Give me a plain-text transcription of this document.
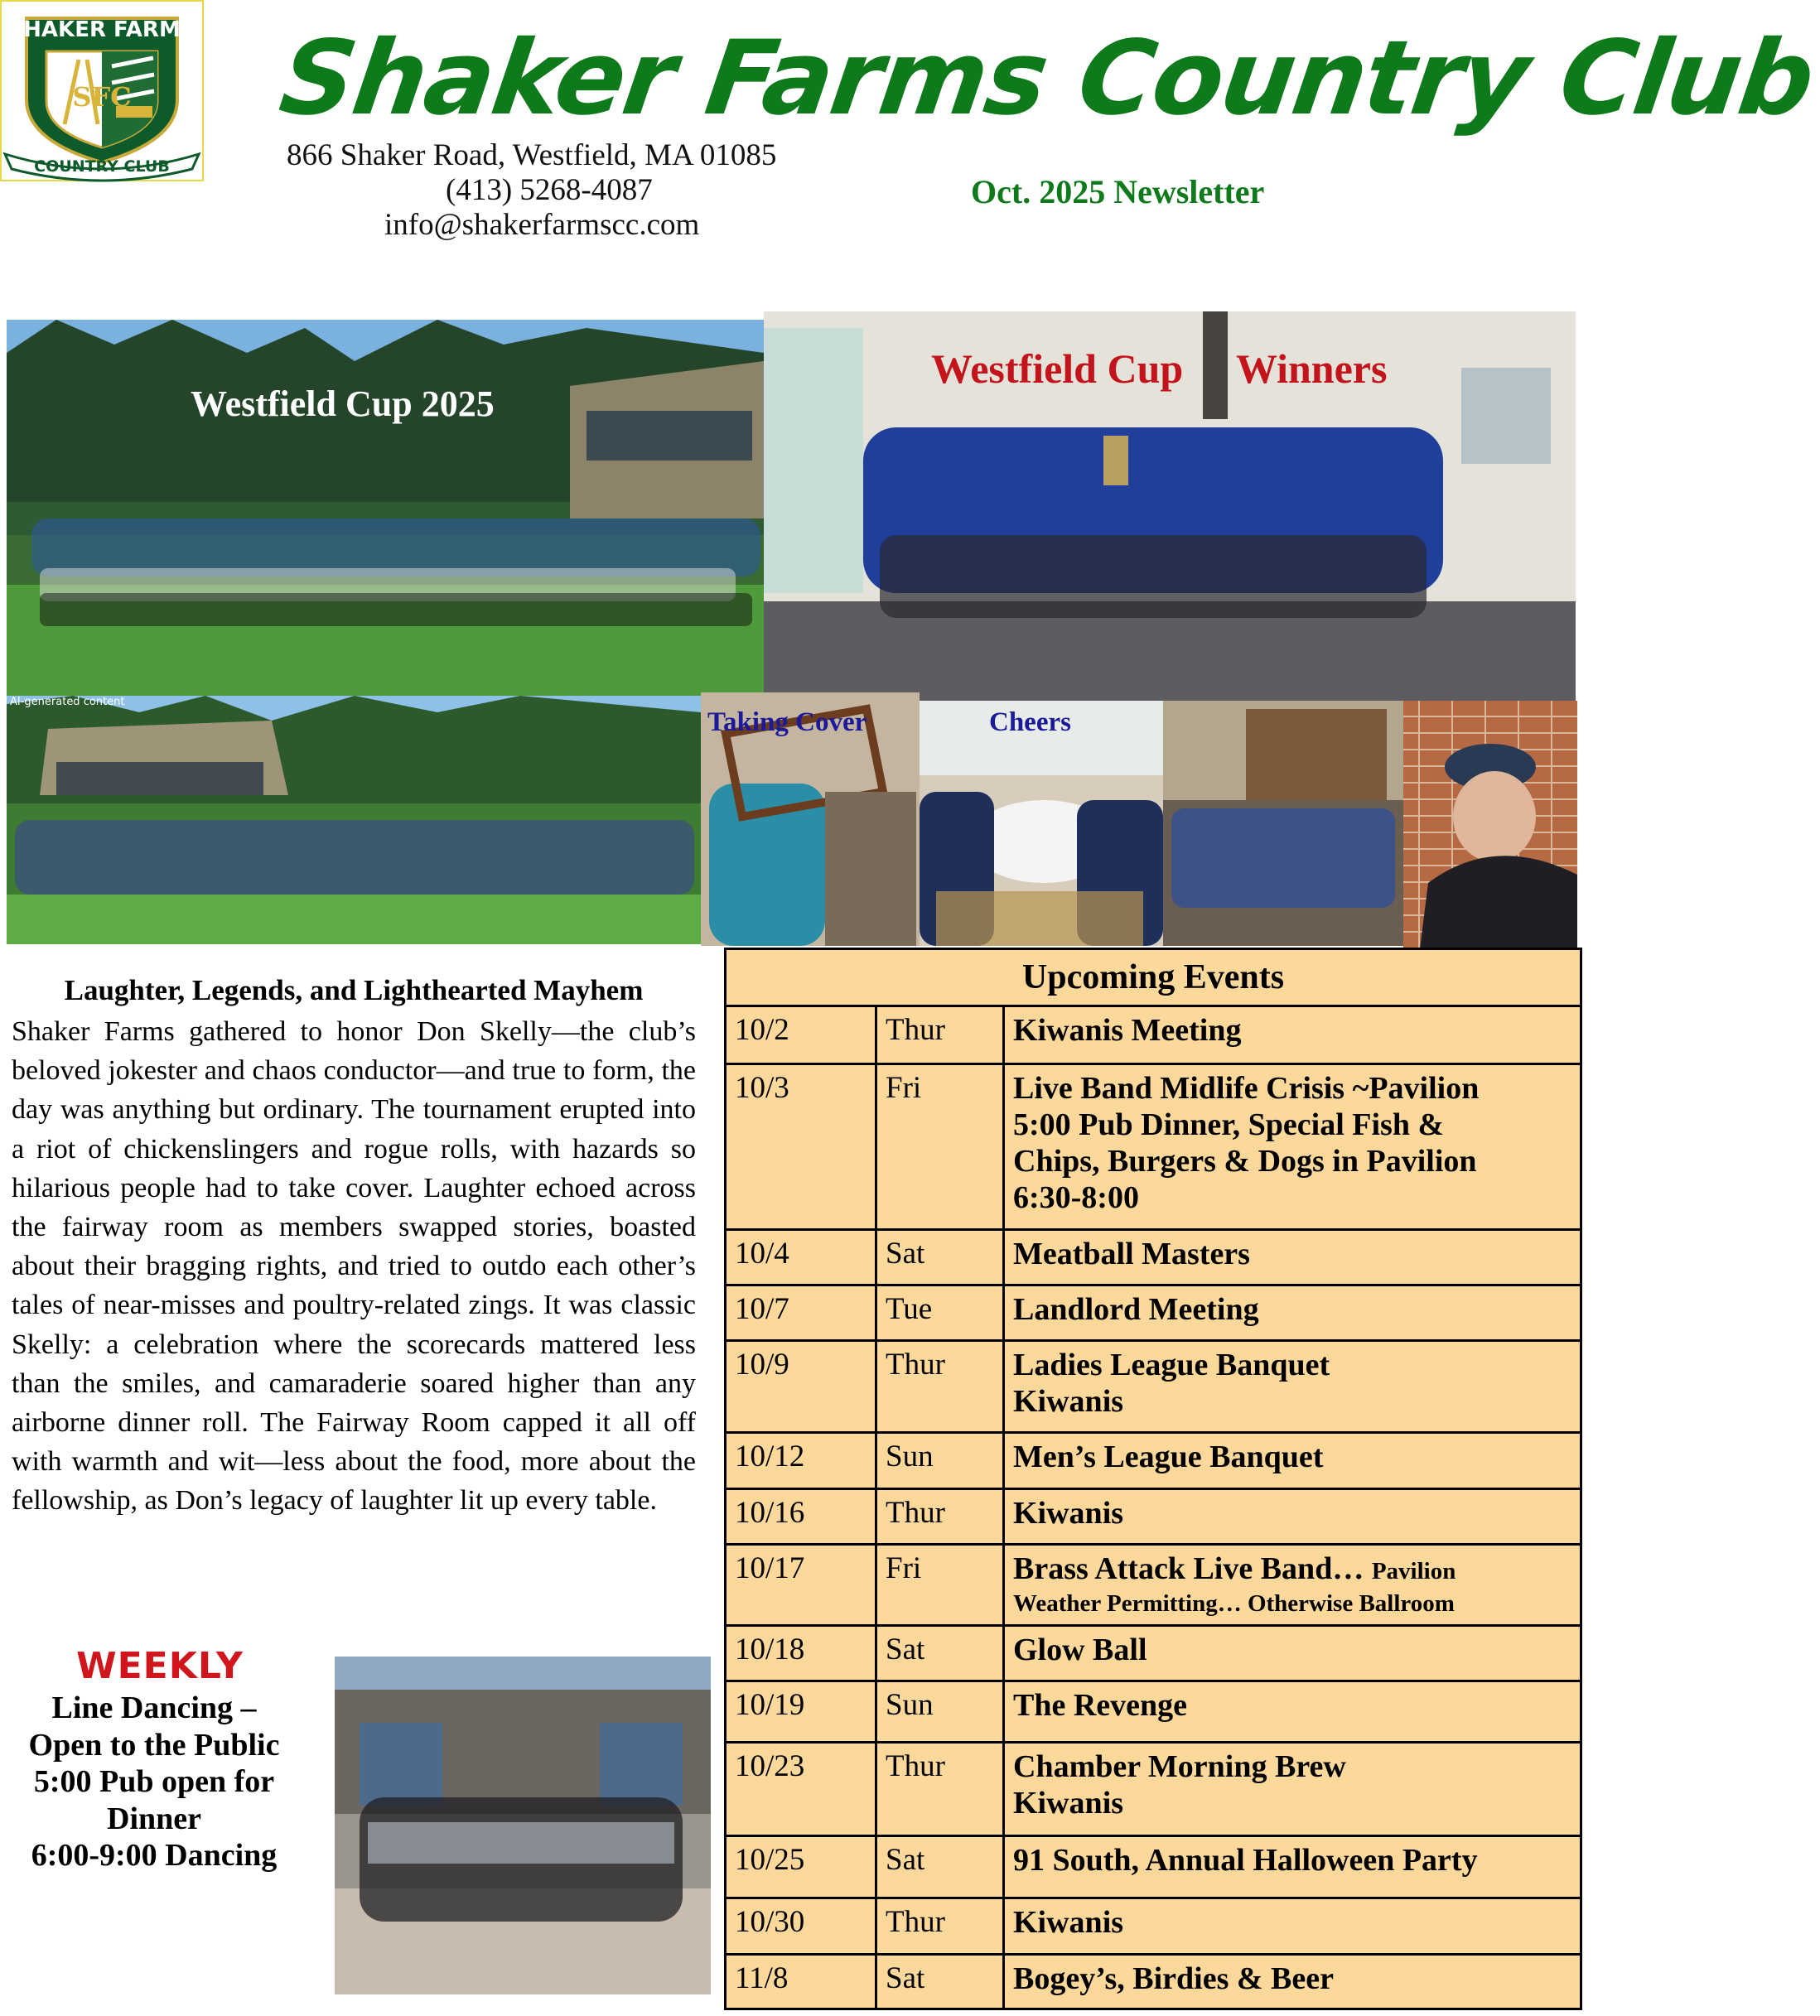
SHAKER FARMS
SFC
COUNTRY CLUB
Shaker Farms Country Club
866 Shaker Road, Westfield, MA 01085
(413) 5268-4087
info@shakerfarmscc.com
Oct. 2025 Newsletter
Westfield Cup 2025
Westfield Cup Winners
AI-generated content
Taking Cover	Cheers
Laughter, Legends, and Lighthearted Mayhem

Shaker Farms gathered to honor Don Skelly—the club’s beloved jokester and chaos conductor—and true to form, the day was anything but ordinary. The tournament erupted into a riot of chickenslingers and rogue rolls, with hazards so hilarious people had to take cover. Laughter echoed across the fairway room as members swapped stories, boasted about their bragging rights, and tried to outdo each other’s tales of near-misses and poultry-related zings. It was classic Skelly: a celebration where the scorecards mattered less than the smiles, and camaraderie soared higher than any airborne dinner roll. The Fairway Room capped it all off with warmth and wit—less about the food, more about the fellowship, as Don’s legacy of laughter lit up every table.

WEEKLY
Line Dancing –
Open to the Public
5:00 Pub open for
Dinner
6:00-9:00 Dancing
Upcoming Events		
10/2	Thur	Kiwanis Meeting

10/3	Fri	Live Band Midlife Crisis ~Pavilion
5:00 Pub Dinner, Special Fish &
Chips, Burgers & Dogs in Pavilion
6:30-8:00

10/4	Sat	Meatball Masters

10/7	Tue	Landlord Meeting

10/9	Thur	Ladies League Banquet
Kiwanis

10/12	Sun	Men’s League Banquet

10/16	Thur	Kiwanis

10/17	Fri	Brass Attack Live Band… Pavilion
Weather Permitting… Otherwise Ballroom

10/18	Sat	Glow Ball

10/19	Sun	The Revenge

10/23	Thur	Chamber Morning Brew
Kiwanis

10/25	Sat	91 South, Annual Halloween Party

10/30	Thur	Kiwanis

11/8	Sat	Bogey’s, Birdies & Beer
